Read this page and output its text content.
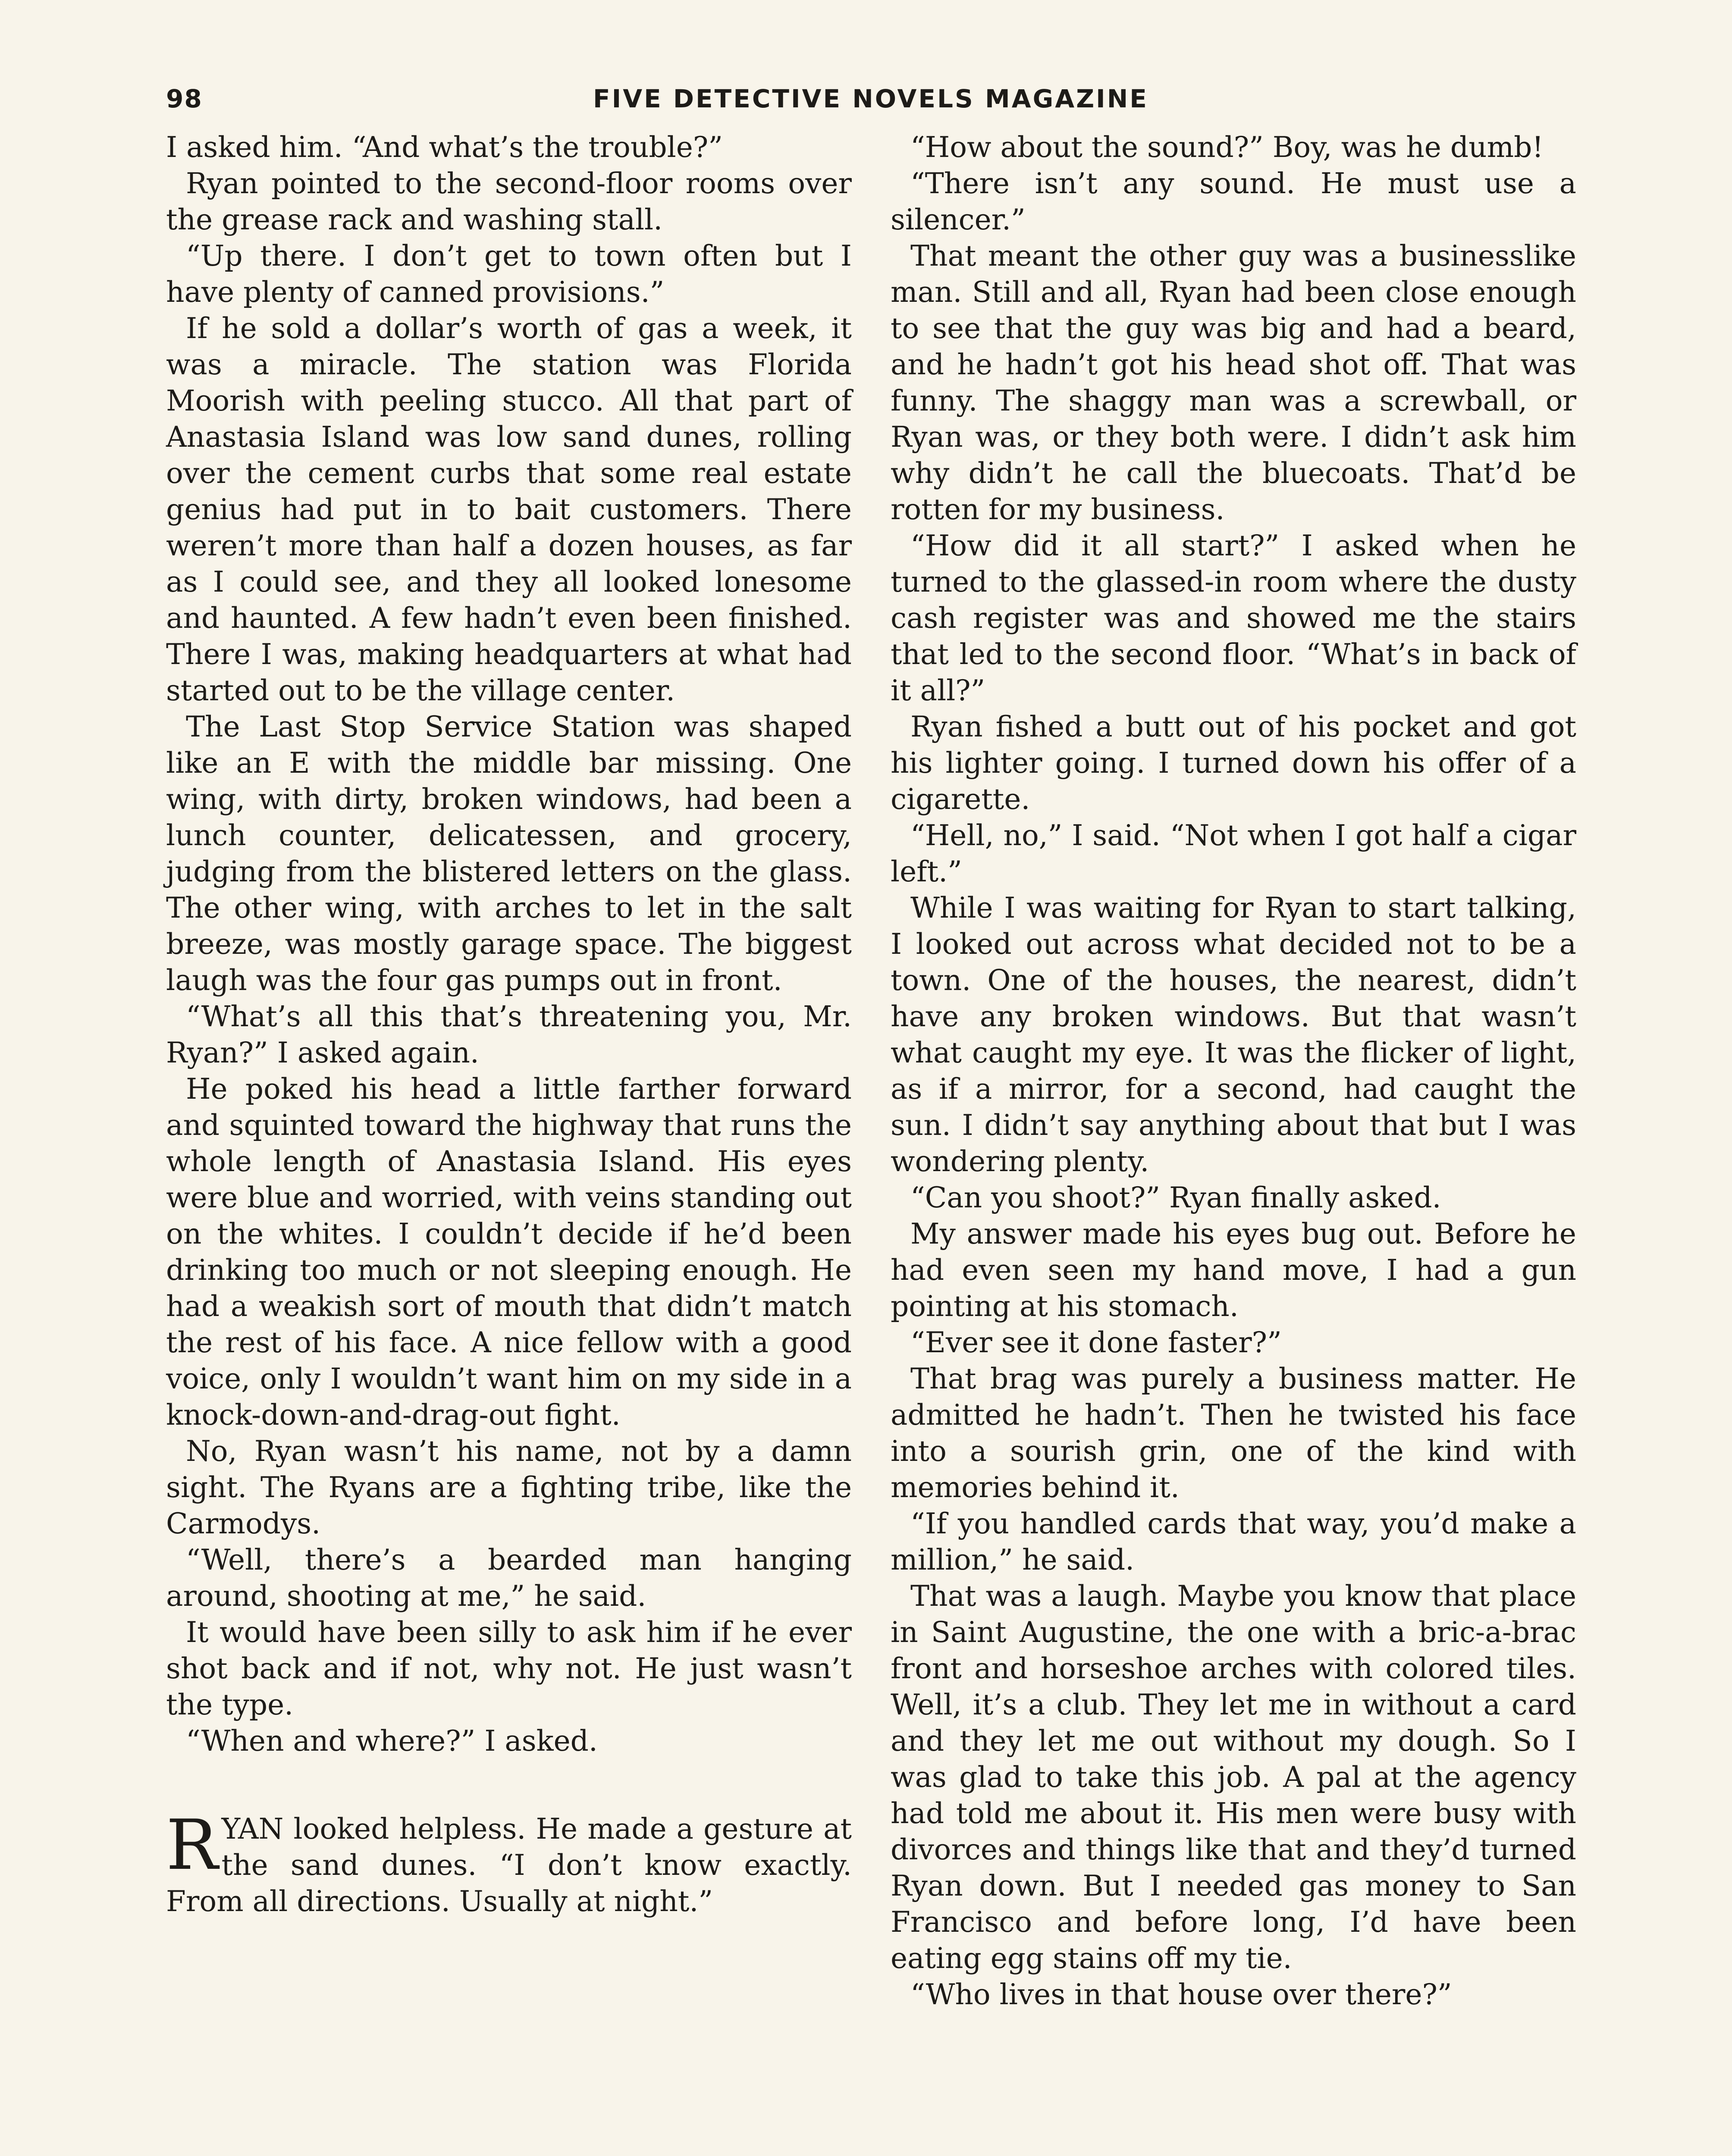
98	FIVE DETECTIVE NOVELS MAGAZINE

I asked him. “And what’s the trouble?”

Ryan pointed to the second-floor rooms over the grease rack and washing stall.

“Up there. I don’t get to town often but I have plenty of canned provisions.”

If he sold a dollar’s worth of gas a week, it was a miracle. The station was Florida Moorish with peeling stucco. All that part of Anastasia Island was low sand dunes, rolling over the cement curbs that some real estate genius had put in to bait customers. There weren’t more than half a dozen houses, as far as I could see, and they all looked lonesome and haunted. A few hadn’t even been finished. There I was, making headquarters at what had started out to be the village center.

The Last Stop Service Station was shaped like an E with the middle bar missing. One wing, with dirty, broken windows, had been a lunch counter, delicatessen, and grocery, judging from the blistered letters on the glass. The other wing, with arches to let in the salt breeze, was mostly garage space. The biggest laugh was the four gas pumps out in front.

“What’s all this that’s threatening you, Mr. Ryan?” I asked again.

He poked his head a little farther forward and squinted toward the highway that runs the whole length of Anastasia Island. His eyes were blue and worried, with veins standing out on the whites. I couldn’t decide if he’d been drinking too much or not sleeping enough. He had a weakish sort of mouth that didn’t match the rest of his face. A nice fellow with a good voice, only I wouldn’t want him on my side in a knock-down-and-drag-out fight.

No, Ryan wasn’t his name, not by a damn sight. The Ryans are a fighting tribe, like the Carmodys.

“Well, there’s a bearded man hanging around, shooting at me,” he said.

It would have been silly to ask him if he ever shot back and if not, why not. He just wasn’t the type.

“When and where?” I asked.

RYAN looked helpless. He made a gesture at the sand dunes. “I don’t know exactly. From all directions. Usually at night.”

“How about the sound?” Boy, was he dumb!

“There isn’t any sound. He must use a silencer.”

That meant the other guy was a businesslike man. Still and all, Ryan had been close enough to see that the guy was big and had a beard, and he hadn’t got his head shot off. That was funny. The shaggy man was a screwball, or Ryan was, or they both were. I didn’t ask him why didn’t he call the bluecoats. That’d be rotten for my business.

“How did it all start?” I asked when he turned to the glassed-in room where the dusty cash register was and showed me the stairs that led to the second floor. “What’s in back of it all?”

Ryan fished a butt out of his pocket and got his lighter going. I turned down his offer of a cigarette.

“Hell, no,” I said. “Not when I got half a cigar left.”

While I was waiting for Ryan to start talking, I looked out across what decided not to be a town. One of the houses, the nearest, didn’t have any broken windows. But that wasn’t what caught my eye. It was the flicker of light, as if a mirror, for a second, had caught the sun. I didn’t say anything about that but I was wondering plenty.

“Can you shoot?” Ryan finally asked.

My answer made his eyes bug out. Before he had even seen my hand move, I had a gun pointing at his stomach.

“Ever see it done faster?”

That brag was purely a business matter. He admitted he hadn’t. Then he twisted his face into a sourish grin, one of the kind with memories behind it.

“If you handled cards that way, you’d make a million,” he said.

That was a laugh. Maybe you know that place in Saint Augustine, the one with a bric-a-brac front and horseshoe arches with colored tiles. Well, it’s a club. They let me in without a card and they let me out without my dough. So I was glad to take this job. A pal at the agency had told me about it. His men were busy with divorces and things like that and they’d turned Ryan down. But I needed gas money to San Francisco and before long, I’d have been eating egg stains off my tie.

“Who lives in that house over there?”
